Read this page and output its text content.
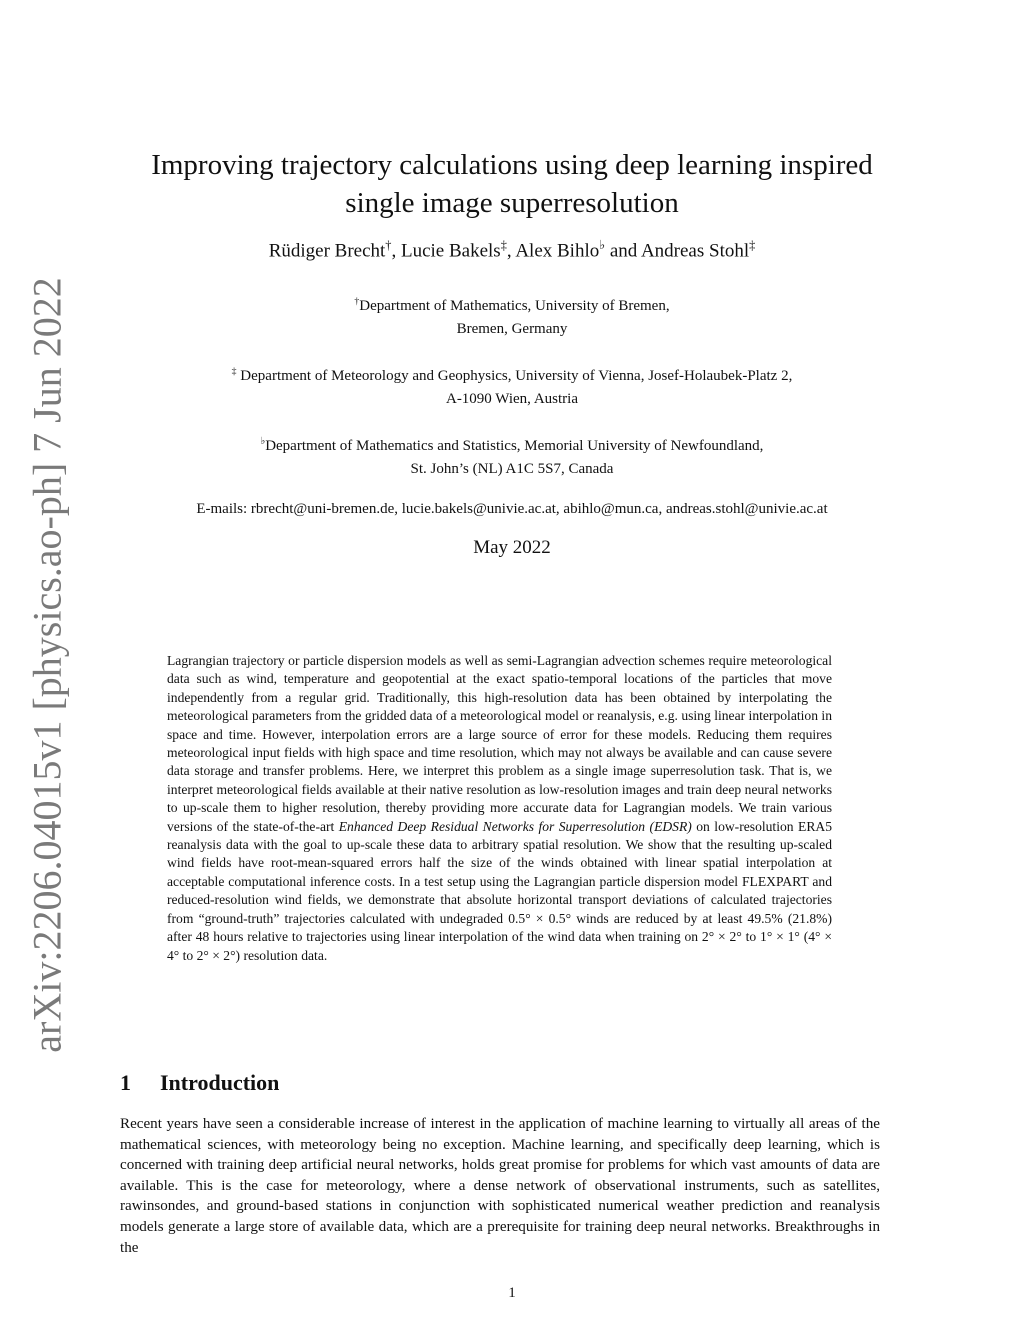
arXiv:2206.04015v1 [physics.ao-ph] 7 Jun 2022
Improving trajectory calculations using deep learning inspired
single image superresolution
Rüdiger Brecht†, Lucie Bakels‡, Alex Bihlo♭ and Andreas Stohl‡
†Department of Mathematics, University of Bremen,
Bremen, Germany
‡ Department of Meteorology and Geophysics, University of Vienna, Josef-Holaubek-Platz 2,
A-1090 Wien, Austria
♭Department of Mathematics and Statistics, Memorial University of Newfoundland,
St. John’s (NL) A1C 5S7, Canada
E-mails: rbrecht@uni-bremen.de, lucie.bakels@univie.ac.at, abihlo@mun.ca, andreas.stohl@univie.ac.at
May 2022
Lagrangian trajectory or particle dispersion models as well as semi-Lagrangian advection schemes require meteorological data such as wind, temperature and geopotential at the exact spatio-temporal locations of the particles that move independently from a regular grid. Traditionally, this high-resolution data has been obtained by interpolating the meteorological parameters from the gridded data of a meteorological model or reanalysis, e.g. using linear interpolation in space and time. However, interpolation errors are a large source of error for these models. Reducing them requires meteorological input fields with high space and time resolution, which may not always be available and can cause severe data storage and transfer problems. Here, we interpret this problem as a single image superresolution task. That is, we interpret meteorological fields available at their native resolution as low-resolution images and train deep neural networks to up-scale them to higher resolution, thereby providing more accurate data for Lagrangian models. We train various versions of the state-of-the-art Enhanced Deep Residual Networks for Superresolution (EDSR) on low-resolution ERA5 reanalysis data with the goal to up-scale these data to arbitrary spatial resolution. We show that the resulting up-scaled wind fields have root-mean-squared errors half the size of the winds obtained with linear spatial interpolation at acceptable computational inference costs. In a test setup using the Lagrangian particle dispersion model FLEXPART and reduced-resolution wind fields, we demonstrate that absolute horizontal transport deviations of calculated trajectories from “ground-truth” trajectories calculated with undegraded 0.5° × 0.5° winds are reduced by at least 49.5% (21.8%) after 48 hours relative to trajectories using linear interpolation of the wind data when training on 2° × 2° to 1° × 1° (4° × 4° to 2° × 2°) resolution data.
1 Introduction
Recent years have seen a considerable increase of interest in the application of machine learning to virtually all areas of the mathematical sciences, with meteorology being no exception. Machine learning, and specifically deep learning, which is concerned with training deep artificial neural networks, holds great promise for problems for which vast amounts of data are available. This is the case for meteorology, where a dense network of observational instruments, such as satellites, rawinsondes, and ground-based stations in conjunction with sophisticated numerical weather prediction and reanalysis models generate a large store of available data, which are a prerequisite for training deep neural networks. Breakthroughs in the
1
